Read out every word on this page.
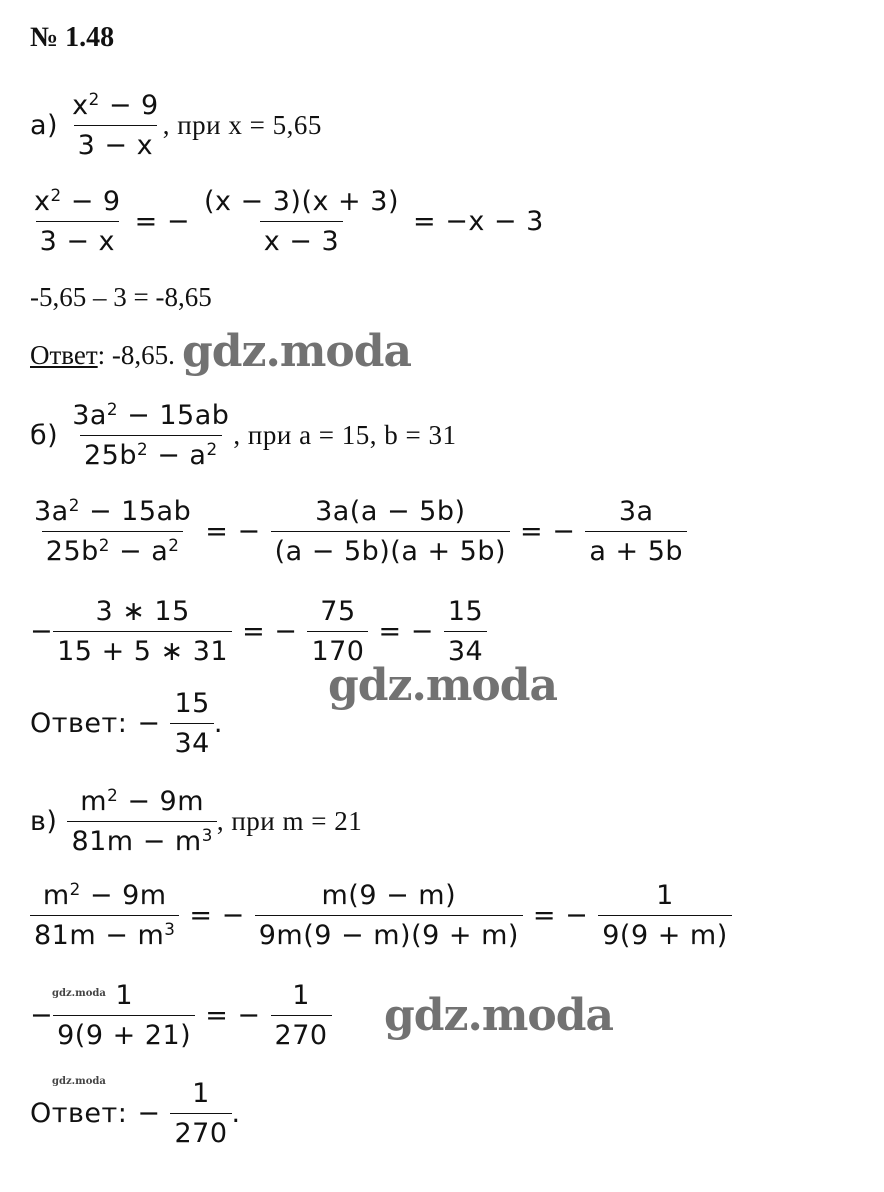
№ 1.48
$а) \frac{x^2 - 9}{3 - x}$ , при x = 5,65
$\frac{x^2 - 9}{3 - x}$ = − $\frac{(x - 3)(x + 3)}{x - 3} = -x - 3$
-5,65 – 3 = -8,65
Ответ: -8,65. gdz.moda
$б) \frac{3a^2 - 15ab}{25b^2 - a^2}$ , при a = 15, b = 31
$\frac{3a^2 - 15ab}{25b^2 - a^2}$ = − $\frac{3a(a - 5b)}{(a - 5b)(a + 5b)}$ = − $\frac{3a}{a + 5b}$
− $\frac{3 ∗ 15}{15 + 5 ∗ 31}$ = − $\frac{75}{170}$ = − $\frac{15}{34}$
gdz.moda
Ответ: − $\frac{15}{34}$ .
$в) \frac{m^2 - 9m}{81m - m^3}$ , при m = 21
$\frac{m^2 - 9m}{81m - m^3}$ = − $\frac{m(9 - m)}{9m(9 - m)(9 + m)}$ = − $\frac{1}{9(9 + m)}$
gdz.moda
− $\frac{1}{9(9 + 21)}$ = − $\frac{1}{270}$ gdz.moda
gdz.moda
Ответ: − $\frac{1}{270}$ .
